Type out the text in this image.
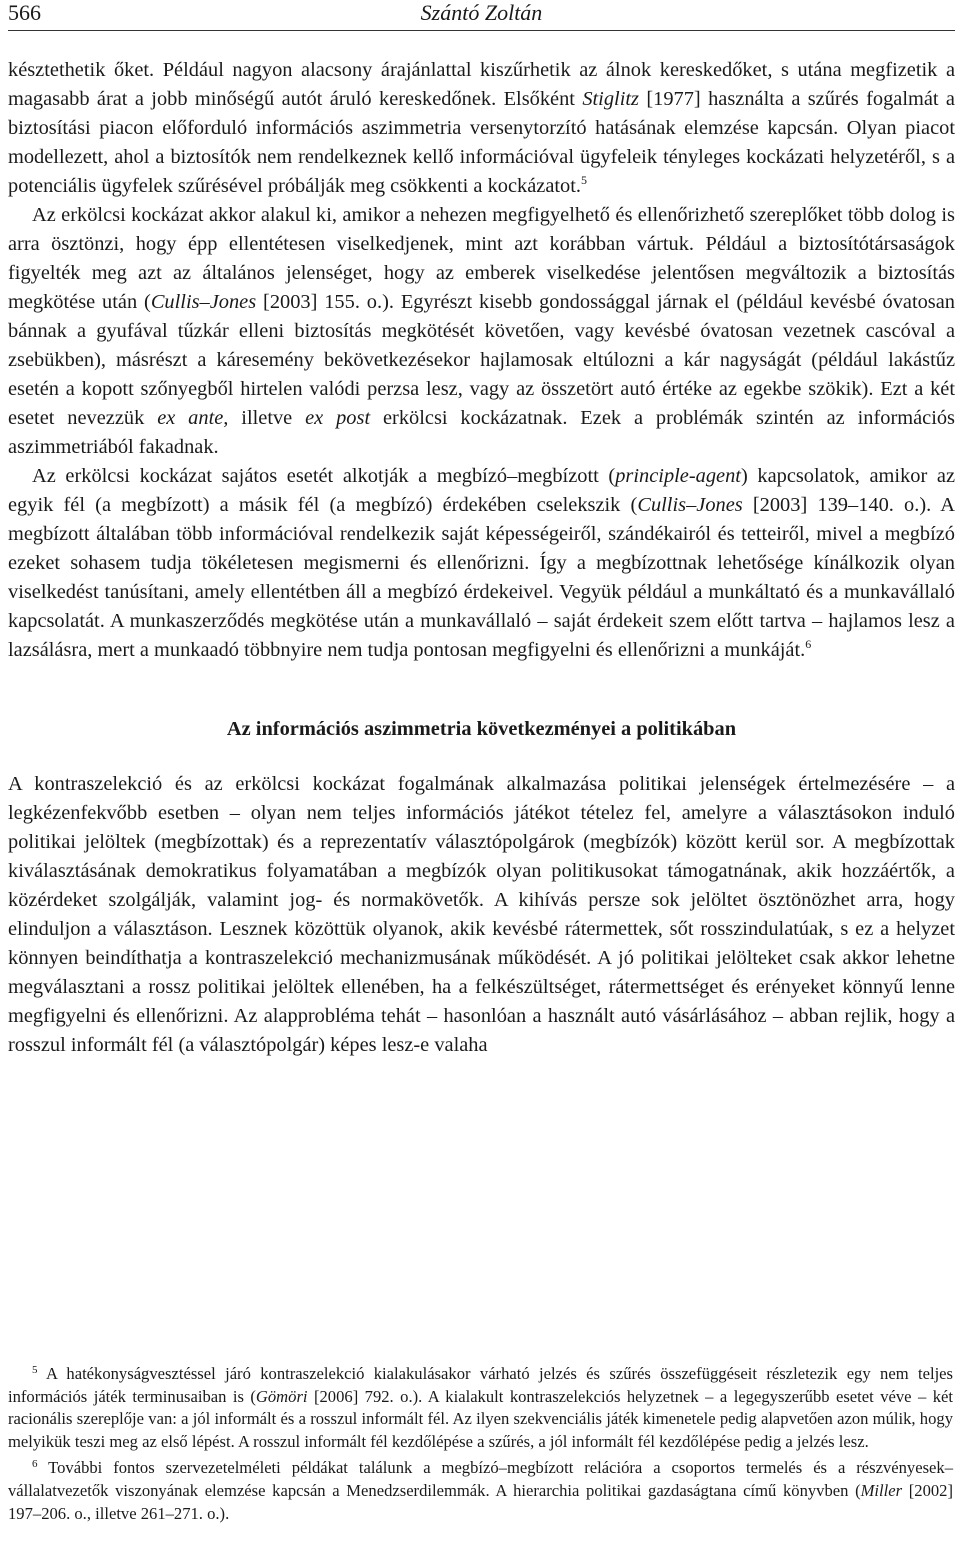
566	Szántó Zoltán

késztethetik őket. Például nagyon alacsony árajánlattal kiszűrhetik az álnok kereskedőket, s utána megfizetik a magasabb árat a jobb minőségű autót áruló kereskedőnek. Elsőként Stiglitz [1977] használta a szűrés fogalmát a biztosítási piacon előforduló információs aszimmetria versenytorzító hatásának elemzése kapcsán. Olyan piacot modellezett, ahol a biztosítók nem rendelkeznek kellő információval ügyfeleik tényleges kockázati helyzetéről, s a potenciális ügyfelek szűrésével próbálják meg csökkenti a kockázatot.$^5$

Az erkölcsi kockázat akkor alakul ki, amikor a nehezen megfigyelhető és ellenőrizhető szereplőket több dolog is arra ösztönzi, hogy épp ellentétesen viselkedjenek, mint azt korábban vártuk. Például a biztosítótársaságok figyelték meg azt az általános jelenséget, hogy az emberek viselkedése jelentősen megváltozik a biztosítás megkötése után (Cullis–Jones [2003] 155. o.). Egyrészt kisebb gondossággal járnak el (például kevésbé óvatosan bánnak a gyufával tűzkár elleni biztosítás megkötését követően, vagy kevésbé óvatosan vezetnek cascóval a zsebükben), másrészt a káresemény bekövetkezésekor hajlamosak eltúlozni a kár nagyságát (például lakástűz esetén a kopott szőnyegből hirtelen valódi perzsa lesz, vagy az összetört autó értéke az egekbe szökik). Ezt a két esetet nevezzük ex ante, illetve ex post erkölcsi kockázatnak. Ezek a problémák szintén az információs aszimmetriából fakadnak.

Az erkölcsi kockázat sajátos esetét alkotják a megbízó–megbízott (principle-agent) kapcsolatok, amikor az egyik fél (a megbízott) a másik fél (a megbízó) érdekében cselekszik (Cullis–Jones [2003] 139–140. o.). A megbízott általában több információval rendelkezik saját képességeiről, szándékairól és tetteiről, mivel a megbízó ezeket sohasem tudja tökéletesen megismerni és ellenőrizni. Így a megbízottnak lehetősége kínálkozik olyan viselkedést tanúsítani, amely ellentétben áll a megbízó érdekeivel. Vegyük például a munkáltató és a munkavállaló kapcsolatát. A munkaszerződés megkötése után a munkavállaló – saját érdekeit szem előtt tartva – hajlamos lesz a lazsálásra, mert a munkaadó többnyire nem tudja pontosan megfigyelni és ellenőrizni a munkáját.$^6$

Az információs aszimmetria következményei a politikában

A kontraszelekció és az erkölcsi kockázat fogalmának alkalmazása politikai jelenségek értelmezésére – a legkézenfekvőbb esetben – olyan nem teljes információs játékot tételez fel, amelyre a választásokon induló politikai jelöltek (megbízottak) és a reprezentatív választópolgárok (megbízók) között kerül sor. A megbízottak kiválasztásának demokratikus folyamatában a megbízók olyan politikusokat támogatnának, akik hozzáértők, a közérdeket szolgálják, valamint jog- és normakövetők. A kihívás persze sok jelöltet ösztönözhet arra, hogy elinduljon a választáson. Lesznek közöttük olyanok, akik kevésbé rátermettek, sőt rosszindulatúak, s ez a helyzet könnyen beindíthatja a kontraszelekció mechanizmusának működését. A jó politikai jelölteket csak akkor lehetne megválasztani a rossz politikai jelöltek ellenében, ha a felkészültséget, rátermettséget és erényeket könnyű lenne megfigyelni és ellenőrizni. Az alapprobléma tehát – hasonlóan a használt autó vásárlásához – abban rejlik, hogy a rosszul informált fél (a választópolgár) képes lesz-e valaha

$^5$ A hatékonyságvesztéssel járó kontraszelekció kialakulásakor várható jelzés és szűrés összefüggéseit részletezik egy nem teljes információs játék terminusaiban is (Gömöri [2006] 792. o.). A kialakult kontraszelekciós helyzetnek – a legegyszerűbb esetet véve – két racionális szereplője van: a jól informált és a rosszul informált fél. Az ilyen szekvenciális játék kimenetele pedig alapvetően azon múlik, hogy melyikük teszi meg az első lépést. A rosszul informált fél kezdőlépése a szűrés, a jól informált fél kezdőlépése pedig a jelzés lesz.

$^6$ További fontos szervezetelméleti példákat találunk a megbízó–megbízott relációra a csoportos termelés és a részvényesek–vállalatvezetők viszonyának elemzése kapcsán a Menedzserdilemmák. A hierarchia politikai gazdaságtana című könyvben (Miller [2002] 197–206. o., illetve 261–271. o.).
